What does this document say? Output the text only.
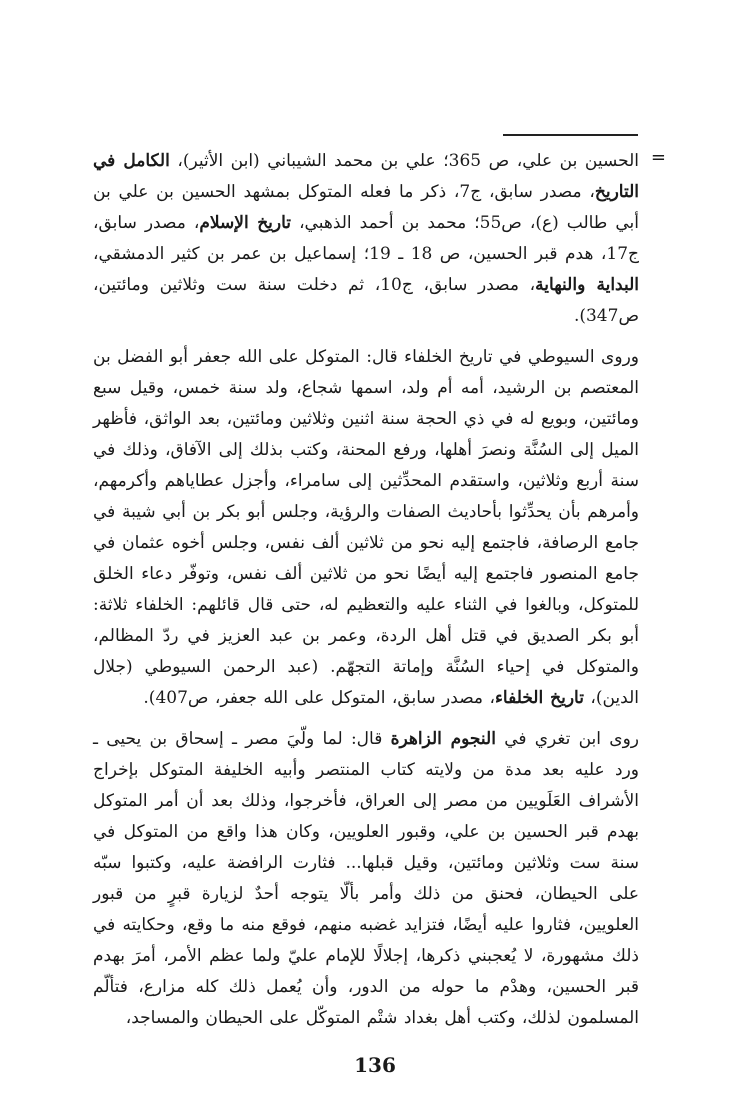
=

الحسين بن علي، ص 365؛ علي بن محمد الشيباني (ابن الأثير)، الكامل في التاريخ، مصدر سابق، ج7، ذكر ما فعله المتوكل بمشهد الحسين بن علي بن أبي طالب (ع)، ص55؛ محمد بن أحمد الذهبي، تاريخ الإسلام، مصدر سابق، ج17، هدم قبر الحسين، ص 18 ـ 19؛ إسماعيل بن عمر بن كثير الدمشقي، البداية والنهاية، مصدر سابق، ج10، ثم دخلت سنة ست وثلاثين ومائتين، ص347).

وروى السيوطي في تاريخ الخلفاء قال: المتوكل على الله جعفر أبو الفضل بن المعتصم بن الرشيد، أمه أم ولد، اسمها شجاع، ولد سنة خمس، وقيل سبع ومائتين، وبويع له في ذي الحجة سنة اثنين وثلاثين ومائتين، بعد الواثق، فأظهر الميل إلى السُنَّة ونصرَ أهلها، ورفع المحنة، وكتب بذلك إلى الآفاق، وذلك في سنة أربع وثلاثين، واستقدم المحدِّثين إلى سامراء، وأجزل عطاياهم وأكرمهم، وأمرهم بأن يحدِّثوا بأحاديث الصفات والرؤية، وجلس أبو بكر بن أبي شيبة في جامع الرصافة، فاجتمع إليه نحو من ثلاثين ألف نفس، وجلس أخوه عثمان في جامع المنصور فاجتمع إليه أيضًا نحو من ثلاثين ألف نفس، وتوفّر دعاء الخلق للمتوكل، وبالغوا في الثناء عليه والتعظيم له، حتى قال قائلهم: الخلفاء ثلاثة: أبو بكر الصديق في قتل أهل الردة، وعمر بن عبد العزيز في ردّ المظالم، والمتوكل في إحياء السُنَّة وإماتة التجهّم. (عبد الرحمن السيوطي (جلال الدين)، تاريخ الخلفاء، مصدر سابق، المتوكل على الله جعفر، ص407).

روى ابن تغري في النجوم الزاهرة قال: لما ولّيَ مصر ـ إسحاق بن يحيى ـ ورد عليه بعد مدة من ولايته كتاب المنتصر وأبيه الخليفة المتوكل بإخراج الأشراف العَلَويين من مصر إلى العراق، فأخرجوا، وذلك بعد أن أمر المتوكل بهدم قبر الحسين بن علي، وقبور العلويين، وكان هذا واقع من المتوكل في سنة ست وثلاثين ومائتين، وقيل قبلها... فثارت الرافضة عليه، وكتبوا سبّه على الحيطان، فحنق من ذلك وأمر بألّا يتوجه أحدٌ لزيارة قبرٍ من قبور العلويين، فثاروا عليه أيضًا، فتزايد غضبه منهم، فوقع منه ما وقع، وحكايته في ذلك مشهورة، لا يُعجبني ذكرها، إجلالًا للإمام عليّ ولما عظم الأمر، أمرَ بهدم قبر الحسين، وهدْم ما حوله من الدور، وأن يُعمل ذلك كله مزارع، فتألّم المسلمون لذلك، وكتب أهل بغداد شتْم المتوكّل على الحيطان والمساجد،

136
